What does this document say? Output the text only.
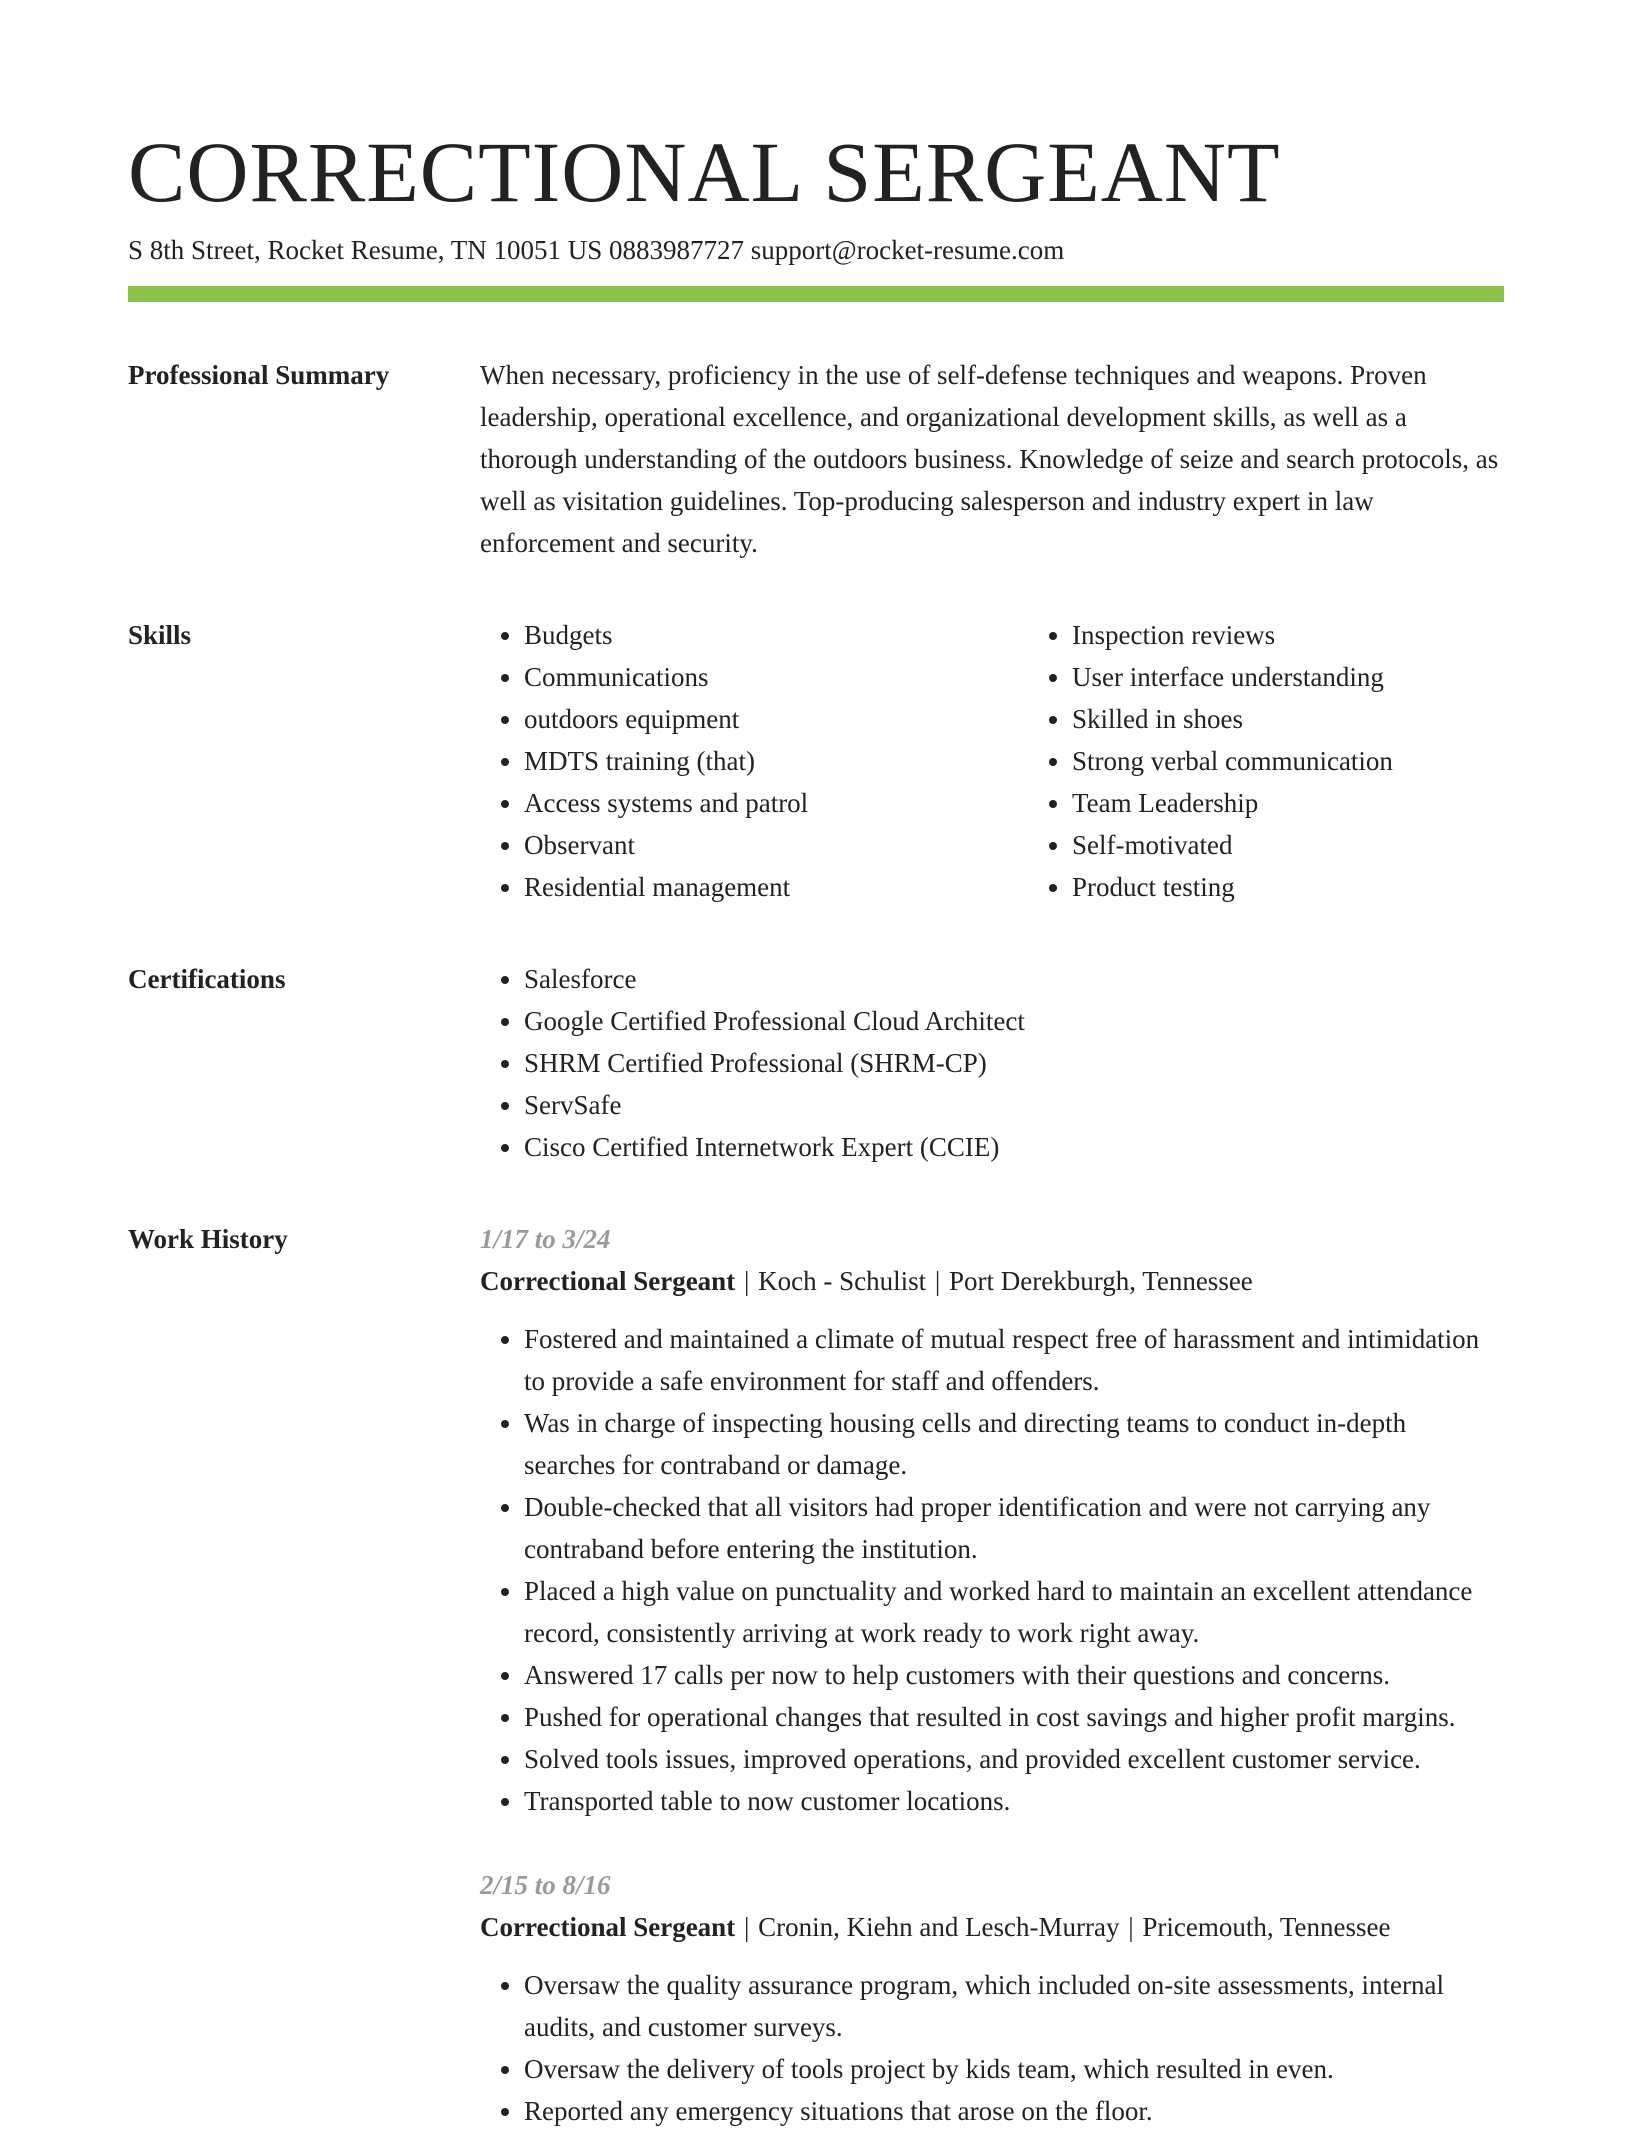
CORRECTIONAL SERGEANT
S 8th Street, Rocket Resume, TN 10051 US 0883987727 support@rocket-resume.com
Professional Summary	When necessary, proficiency in the use of self-defense techniques and weapons. Proven leadership, operational excellence, and organizational development skills, as well as a thorough understanding of the outdoors business. Knowledge of seize and search protocols, as well as visitation guidelines. Top-producing salesperson and industry expert in law enforcement and security.

Skills	• Budgets
• Communications
• outdoors equipment
• MDTS training (that)
• Access systems and patrol
• Observant
• Residential management
• Inspection reviews
• User interface understanding
• Skilled in shoes
• Strong verbal communication
• Team Leadership
• Self-motivated
• Product testing
Certifications	• Salesforce
• Google Certified Professional Cloud Architect
• SHRM Certified Professional (SHRM-CP)
• ServSafe
• Cisco Certified Internetwork Expert (CCIE)
Work History	1/17 to 3/24
Correctional Sergeant | Koch - Schulist | Port Derekburgh, Tennessee
• Fostered and maintained a climate of mutual respect free of harassment and intimidation to provide a safe environment for staff and offenders.
• Was in charge of inspecting housing cells and directing teams to conduct in-depth searches for contraband or damage.
• Double-checked that all visitors had proper identification and were not carrying any contraband before entering the institution.
• Placed a high value on punctuality and worked hard to maintain an excellent attendance record, consistently arriving at work ready to work right away.
• Answered 17 calls per now to help customers with their questions and concerns.
• Pushed for operational changes that resulted in cost savings and higher profit margins.
• Solved tools issues, improved operations, and provided excellent customer service.
• Transported table to now customer locations.
2/15 to 8/16
Correctional Sergeant | Cronin, Kiehn and Lesch-Murray | Pricemouth, Tennessee
• Oversaw the quality assurance program, which included on-site assessments, internal audits, and customer surveys.
• Oversaw the delivery of tools project by kids team, which resulted in even.
• Reported any emergency situations that arose on the floor.
